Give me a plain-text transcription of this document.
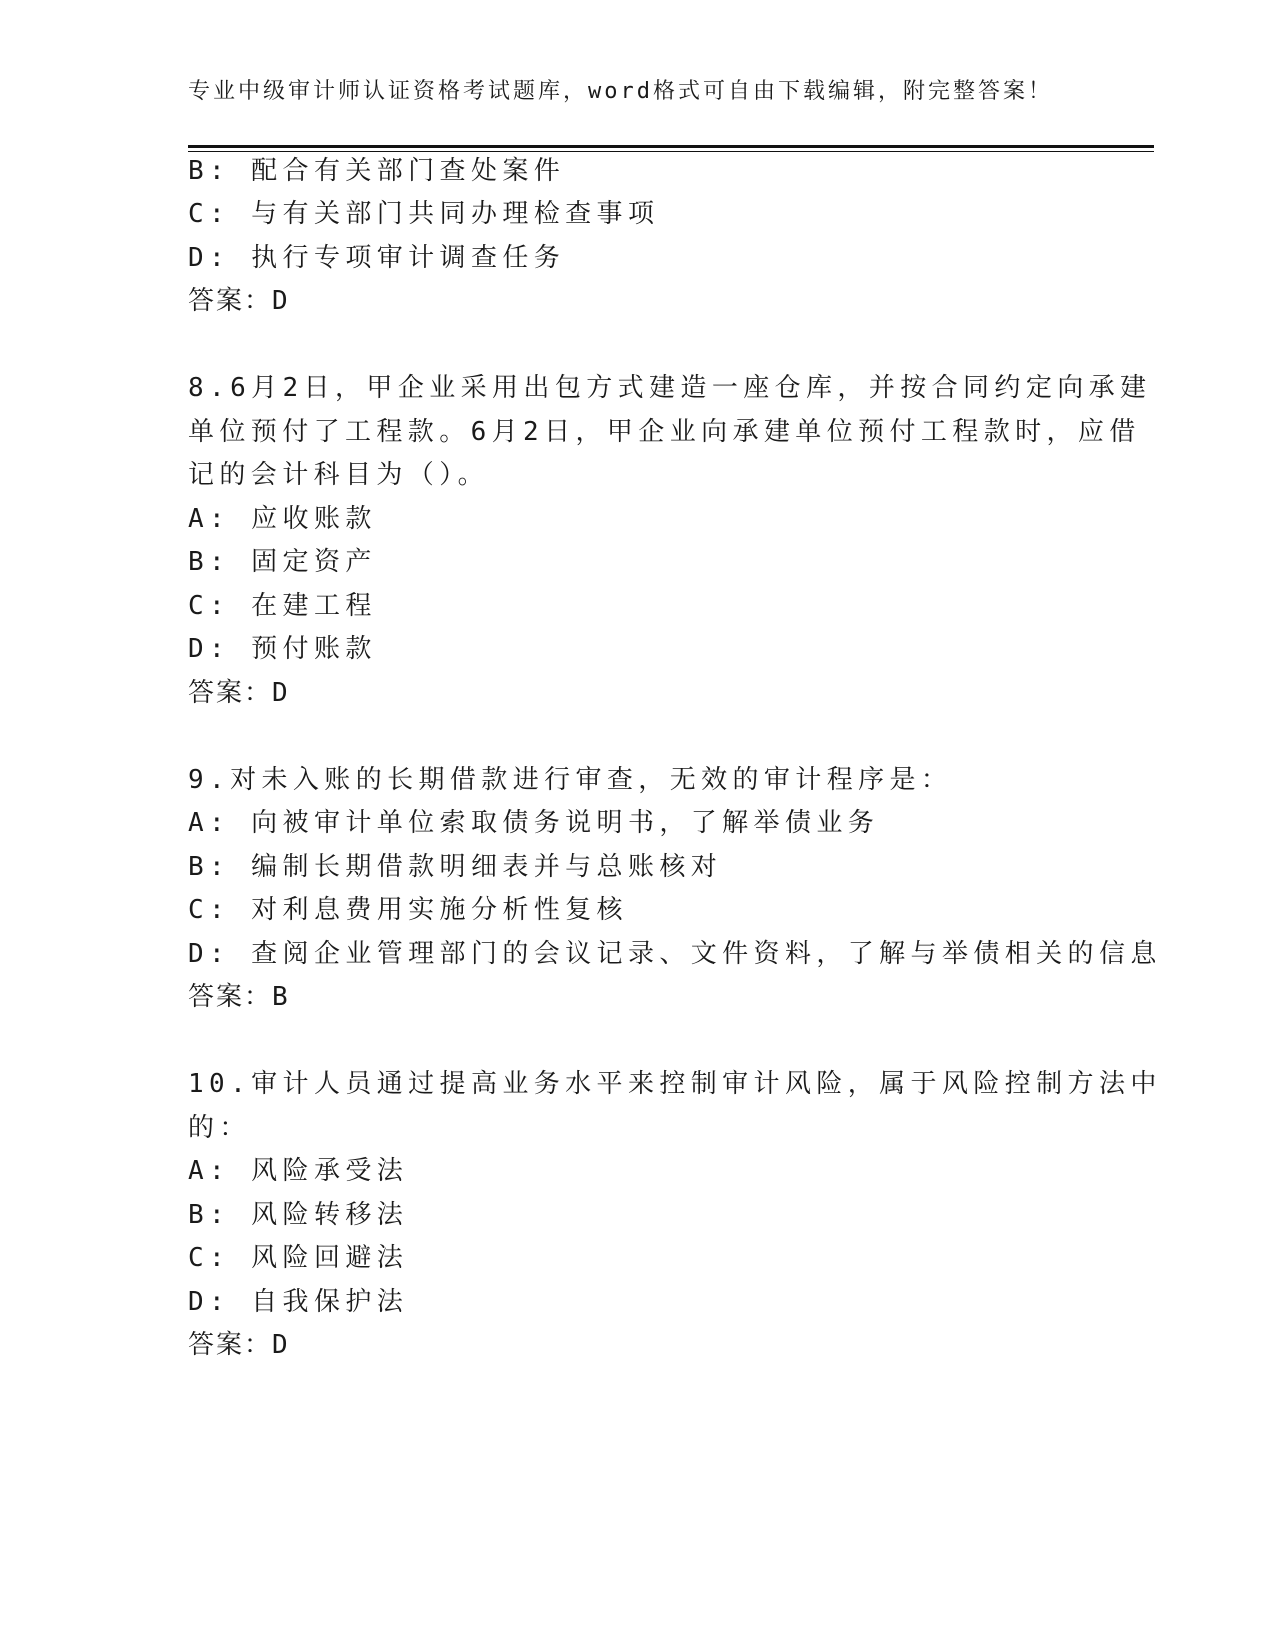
专业中级审计师认证资格考试题库，word格式可自由下载编辑，附完整答案！
B: 配合有关部门查处案件
C: 与有关部门共同办理检查事项
D: 执行专项审计调查任务
答案：D
8.6月2日，甲企业采用出包方式建造一座仓库，并按合同约定向承建
单位预付了工程款。6月2日，甲企业向承建单位预付工程款时，应借
记的会计科目为（）。
A: 应收账款
B: 固定资产
C: 在建工程
D: 预付账款
答案：D
9.对未入账的长期借款进行审查，无效的审计程序是：
A: 向被审计单位索取债务说明书，了解举债业务
B: 编制长期借款明细表并与总账核对
C: 对利息费用实施分析性复核
D: 查阅企业管理部门的会议记录、文件资料，了解与举债相关的信息
答案：B
10.审计人员通过提高业务水平来控制审计风险，属于风险控制方法中
的：
A: 风险承受法
B: 风险转移法
C: 风险回避法
D: 自我保护法
答案：D
